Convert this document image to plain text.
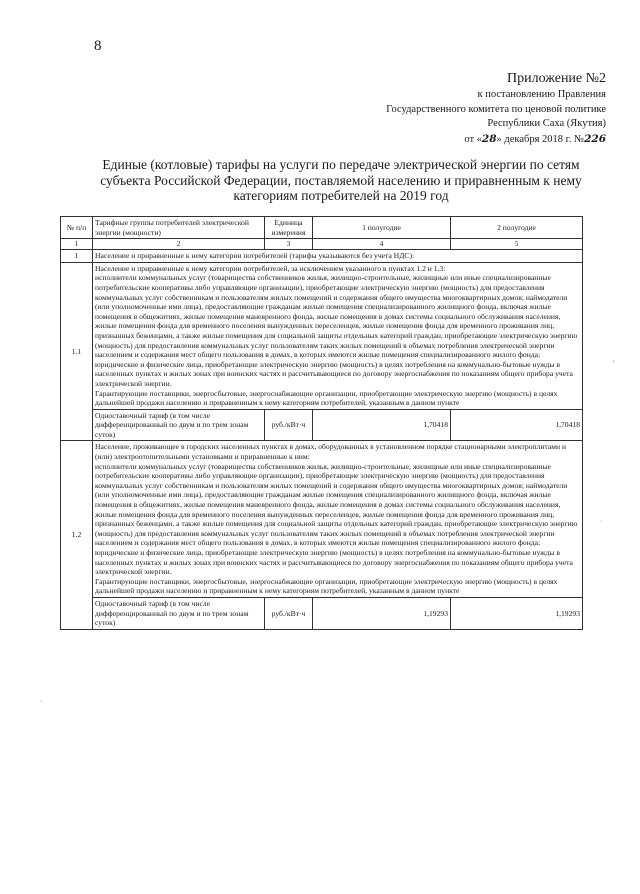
8
Приложение №2
к постановлению Правления
Государственного комитета по ценовой политике
Республики Саха (Якутия)
от «28» декабря 2018 г. №226
Единые (котловые) тарифы на услуги по передаче электрической энергии по сетям
субъекта Российской Федерации, поставляемой населению и приравненным к нему
категориям потребителей на 2019 год
№ п/п	Тарифные группы потребителей электрической энергии (мощности)	Единица измерения	1 полугодие	2 полугодие
1	2	3	4	5
1	Население и приравненные к нему категории потребителей (тарифы указываются без учета НДС):			
1.1	Население и приравненные к нему категории потребителей, за исключением указанного в пунктах 1.2 и 1.3:

исполнители коммунальных услуг (товарищества собственников жилья, жилищно-строительные, жилищные или иные специализированные потребительские кооперативы либо управляющие организации), приобретающие электрическую энергию (мощность) для предоставления коммунальных услуг собственникам и пользователям жилых помещений и содержания общего имущества многоквартирных домов; наймодатели (или уполномоченные ими лица), предоставляющие гражданам жилые помещения специализированного жилищного фонда, включая жилые помещения в общежитиях, жилые помещения маневренного фонда, жилые помещения в домах системы социального обслуживания населения, жилые помещения фонда для временного поселения вынужденных переселенцев, жилые помещения фонда для временного проживания лиц, признанных беженцами, а также жилые помещения для социальной защиты отдельных категорий граждан, приобретающие электрическую энергию (мощность) для предоставления коммунальных услуг пользователям таких жилых помещений в объемах потребления электрической энергии населением и содержания мест общего пользования в домах, в которых имеются жилые помещения специализированного жилого фонда;

юридические и физические лица, приобретающие электрическую энергию (мощность) в целях потребления на коммунально-бытовые нужды в населенных пунктах и жилых зонах при воинских частях и рассчитывающиеся по договору энергоснабжения по показаниям общего прибора учета электрической энергии.

Гарантирующие поставщики, энергосбытовые, энергоснабжающие организации, приобретающие электрическую энергию (мощность) в целях дальнейшей продажи населению и приравненным к нему категориям потребителей, указанным в данном пункте			

	Одноставочный тариф (в том числе дифференцированный по двум и по трем зонам суток)	руб./кВт·ч	1,70418	1,70418
1.2	Население, проживающее в городских населенных пунктах в домах, оборудованных в установленном порядке стационарными электроплитами и (или) электроотопительными установками и приравненные к ним:

исполнители коммунальных услуг (товарищества собственников жилья, жилищно-строительные, жилищные или иные специализированные потребительские кооперативы либо управляющие организации), приобретающие электрическую энергию (мощность) для предоставления коммунальных услуг собственникам и пользователям жилых помещений и содержания общего имущества многоквартирных домов; наймодатели (или уполномоченные ими лица), предоставляющие гражданам жилые помещения специализированного жилищного фонда, включая жилые помещения в общежитиях, жилые помещения маневренного фонда, жилые помещения в домах системы социального обслуживания населения, жилые помещения фонда для временного поселения вынужденных переселенцев, жилые помещения фонда для временного проживания лиц, признанных беженцами, а также жилые помещения для социальной защиты отдельных категорий граждан, приобретающие электрическую энергию (мощность) для предоставления коммунальных услуг пользователям таких жилых помещений в объемах потребления электрической энергии населением и содержания мест общего пользования в домах, в которых имеются жилые помещения специализированного жилого фонда;

юридические и физические лица, приобретающие электрическую энергию (мощность) в целях потребления на коммунально-бытовые нужды в населенных пунктах и жилых зонах при воинских частях и рассчитывающиеся по договору энергоснабжения по показаниям общего прибора учета электрической энергии.

Гарантирующие поставщики, энергосбытовые, энергоснабжающие организации, приобретающие электрическую энергию (мощность) в целях дальнейшей продажи населению и приравненным к нему категориям потребителей, указанным в данном пункте			

	Одноставочный тариф (в том числе дифференцированный по двум и по трем зонам суток)	руб./кВт·ч	1,19293	1,19293
